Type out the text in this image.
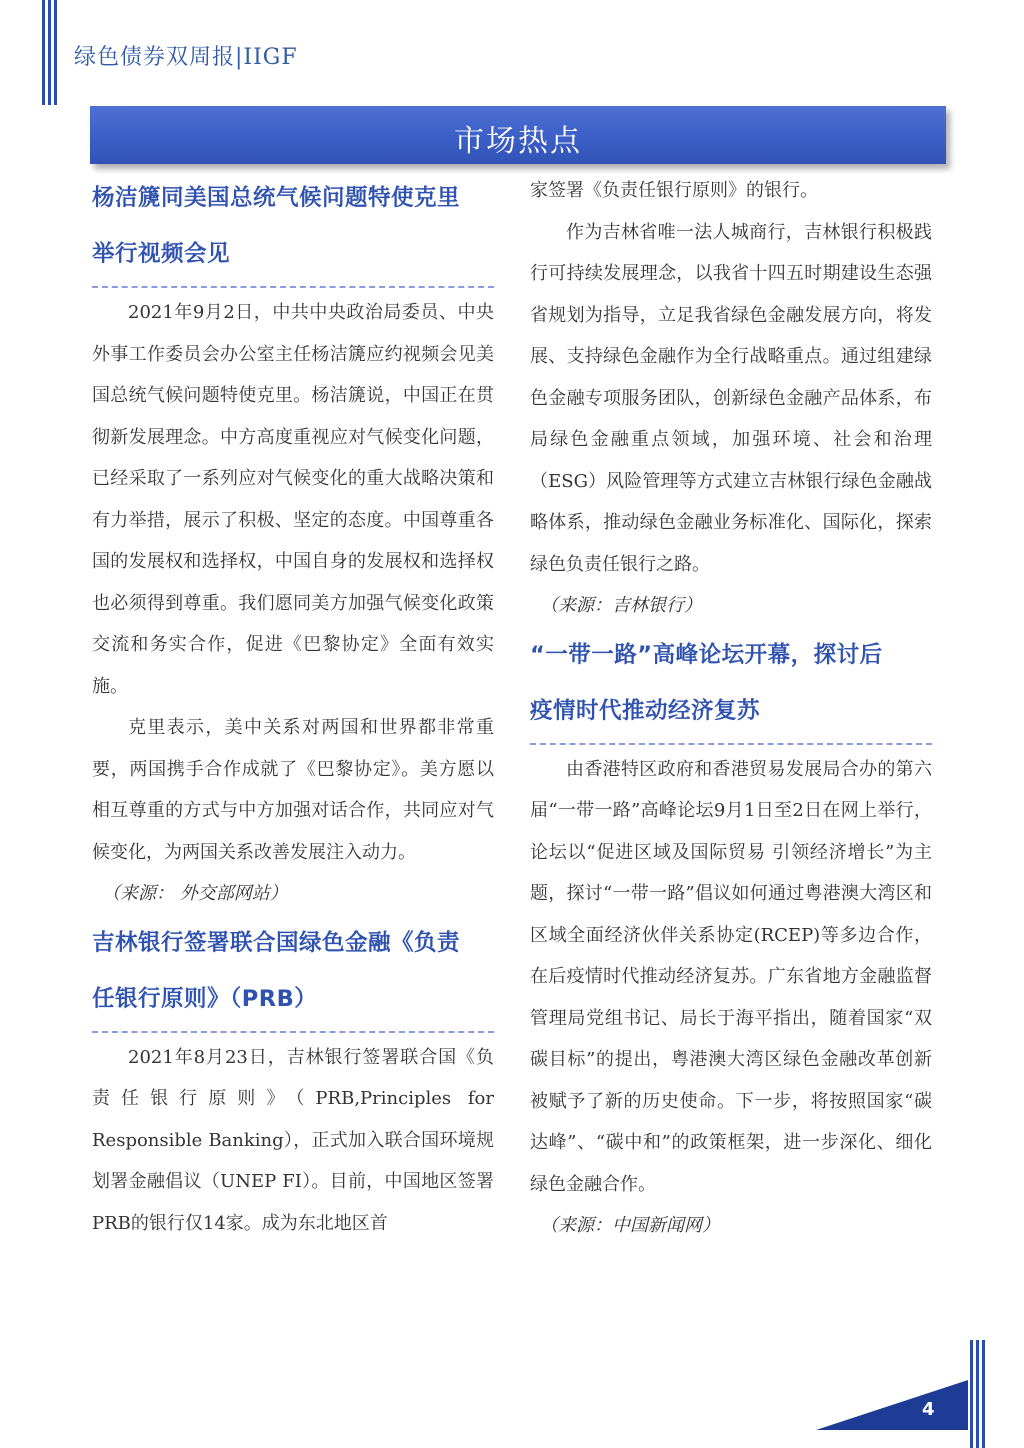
绿色债券双周报|IIGF
市场热点

杨洁篪同美国总统气候问题特使克里

举行视频会见

2021年9月2日，中共中央政治局委员、中央外事工作委员会办公室主任杨洁篪应约视频会见美国总统气候问题特使克里。杨洁篪说，中国正在贯彻新发展理念。中方高度重视应对气候变化问题，已经采取了一系列应对气候变化的重大战略决策和有力举措，展示了积极、坚定的态度。中国尊重各国的发展权和选择权，中国自身的发展权和选择权也必须得到尊重。我们愿同美方加强气候变化政策交流和务实合作，促进《巴黎协定》全面有效实施。

克里表示，美中关系对两国和世界都非常重要，两国携手合作成就了《巴黎协定》。美方愿以相互尊重的方式与中方加强对话合作，共同应对气候变化，为两国关系改善发展注入动力。

（来源： 外交部网站）

吉林银行签署联合国绿色金融《负责

任银行原则》（PRB）

2021年8月23日，吉林银行签署联合国《负责任银行原则》（PRB,Principles for Responsible Banking），正式加入联合国环境规划署金融倡议（UNEP FI）。目前，中国地区签署PRB的银行仅14家。成为东北地区首

家签署《负责任银行原则》的银行。

作为吉林省唯一法人城商行，吉林银行积极践行可持续发展理念，以我省十四五时期建设生态强省规划为指导，立足我省绿色金融发展方向，将发展、支持绿色金融作为全行战略重点。通过组建绿色金融专项服务团队，创新绿色金融产品体系，布局绿色金融重点领域，加强环境、社会和治理（ESG）风险管理等方式建立吉林银行绿色金融战略体系，推动绿色金融业务标准化、国际化，探索绿色负责任银行之路。

（来源：吉林银行）

“一带一路”高峰论坛开幕，探讨后

疫情时代推动经济复苏

由香港特区政府和香港贸易发展局合办的第六届“一带一路”高峰论坛9月1日至2日在网上举行，论坛以“促进区域及国际贸易 引领经济增长”为主题，探讨“一带一路”倡议如何通过粤港澳大湾区和区域全面经济伙伴关系协定(RCEP)等多边合作，在后疫情时代推动经济复苏。广东省地方金融监督管理局党组书记、局长于海平指出，随着国家“双碳目标”的提出，粤港澳大湾区绿色金融改革创新被赋予了新的历史使命。下一步，将按照国家“碳达峰”、“碳中和”的政策框架，进一步深化、细化绿色金融合作。

（来源：中国新闻网）

4
